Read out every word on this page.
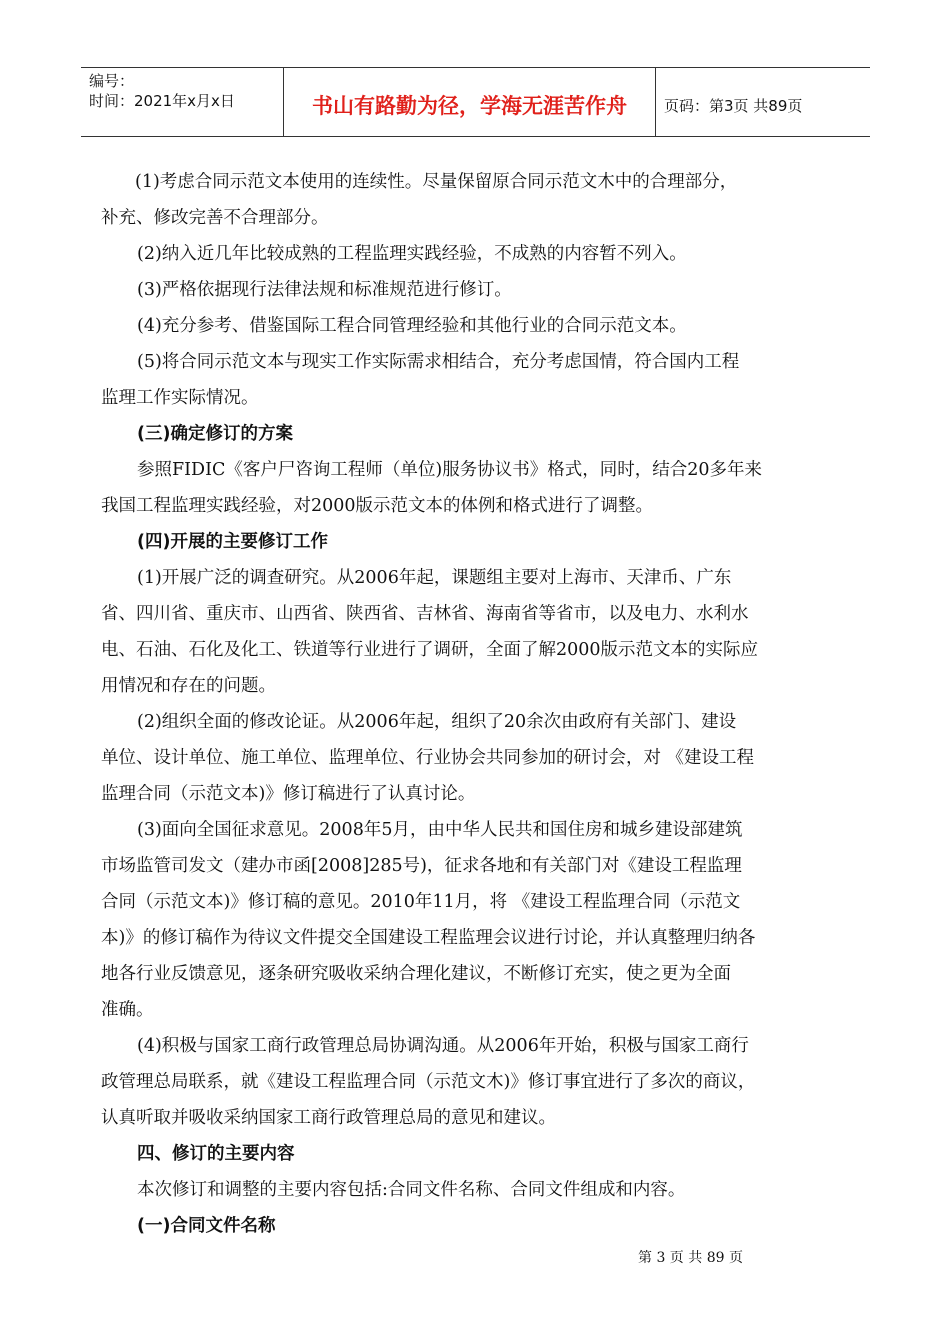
编号：
时间：2021年x月x日	书山有路勤为径，学海无涯苦作舟	页码：第3页 共89页

(1)考虑合同示范文本使用的连续性。尽量保留原合同示范文木中的合理部分，

补充、修改完善不合理部分。

(2)纳入近几年比较成熟的工程监理实践经验，不成熟的内容暂不列入。

(3)严格依据现行法律法规和标准规范进行修订。

(4)充分参考、借鉴国际工程合同管理经验和其他行业的合同示范文本。

(5)将合同示范文本与现实工作实际需求相结合，充分考虑国情，符合国内工程

监理工作实际情况。

(三)确定修订的方案

参照FIDIC《客户尸咨询工程师（单位)服务协议书》格式，同时，结合20多年来

我国工程监理实践经验，对2000版示范文本的体例和格式进行了调整。

(四)开展的主要修订工作

(1)开展广泛的调查研究。从2006年起，课题组主要对上海市、天津币、广东

省、四川省、重庆市、山西省、陕西省、吉林省、海南省等省市，以及电力、水利水

电、石油、石化及化工、铁道等行业进行了调研，全面了解2000版示范文本的实际应

用情况和存在的问题。

(2)组织全面的修改论证。从2006年起，组织了20余次由政府有关部门、建设

单位、设计单位、施工单位、监理单位、行业协会共同参加的研讨会，对 《建设工程

监理合同（示范文本)》修订稿进行了认真讨论。

(3)面向全国征求意见。2008年5月，由中华人民共和国住房和城乡建设部建筑

市场监管司发文（建办市函[2008]285号)，征求各地和有关部门对《建设工程监理

合同（示范文本)》修订稿的意见。2010年11月，将 《建设工程监理合同（示范文

本)》的修订稿作为待议文件提交全国建设工程监理会议进行讨论，并认真整理归纳各

地各行业反馈意见，逐条研究吸收采纳合理化建议，不断修订充实，使之更为全面

准确。

(4)积极与国家工商行政管理总局协调沟通。从2006年开始，积极与国家工商行

政管理总局联系，就《建设工程监理合同（示范文木)》修订事宜进行了多次的商议，

认真听取并吸收采纳国家工商行政管理总局的意见和建议。

四、修订的主要内容

本次修订和调整的主要内容包括:合同文件名称、合同文件组成和内容。

(一)合同文件名称

第 3 页 共 89 页
